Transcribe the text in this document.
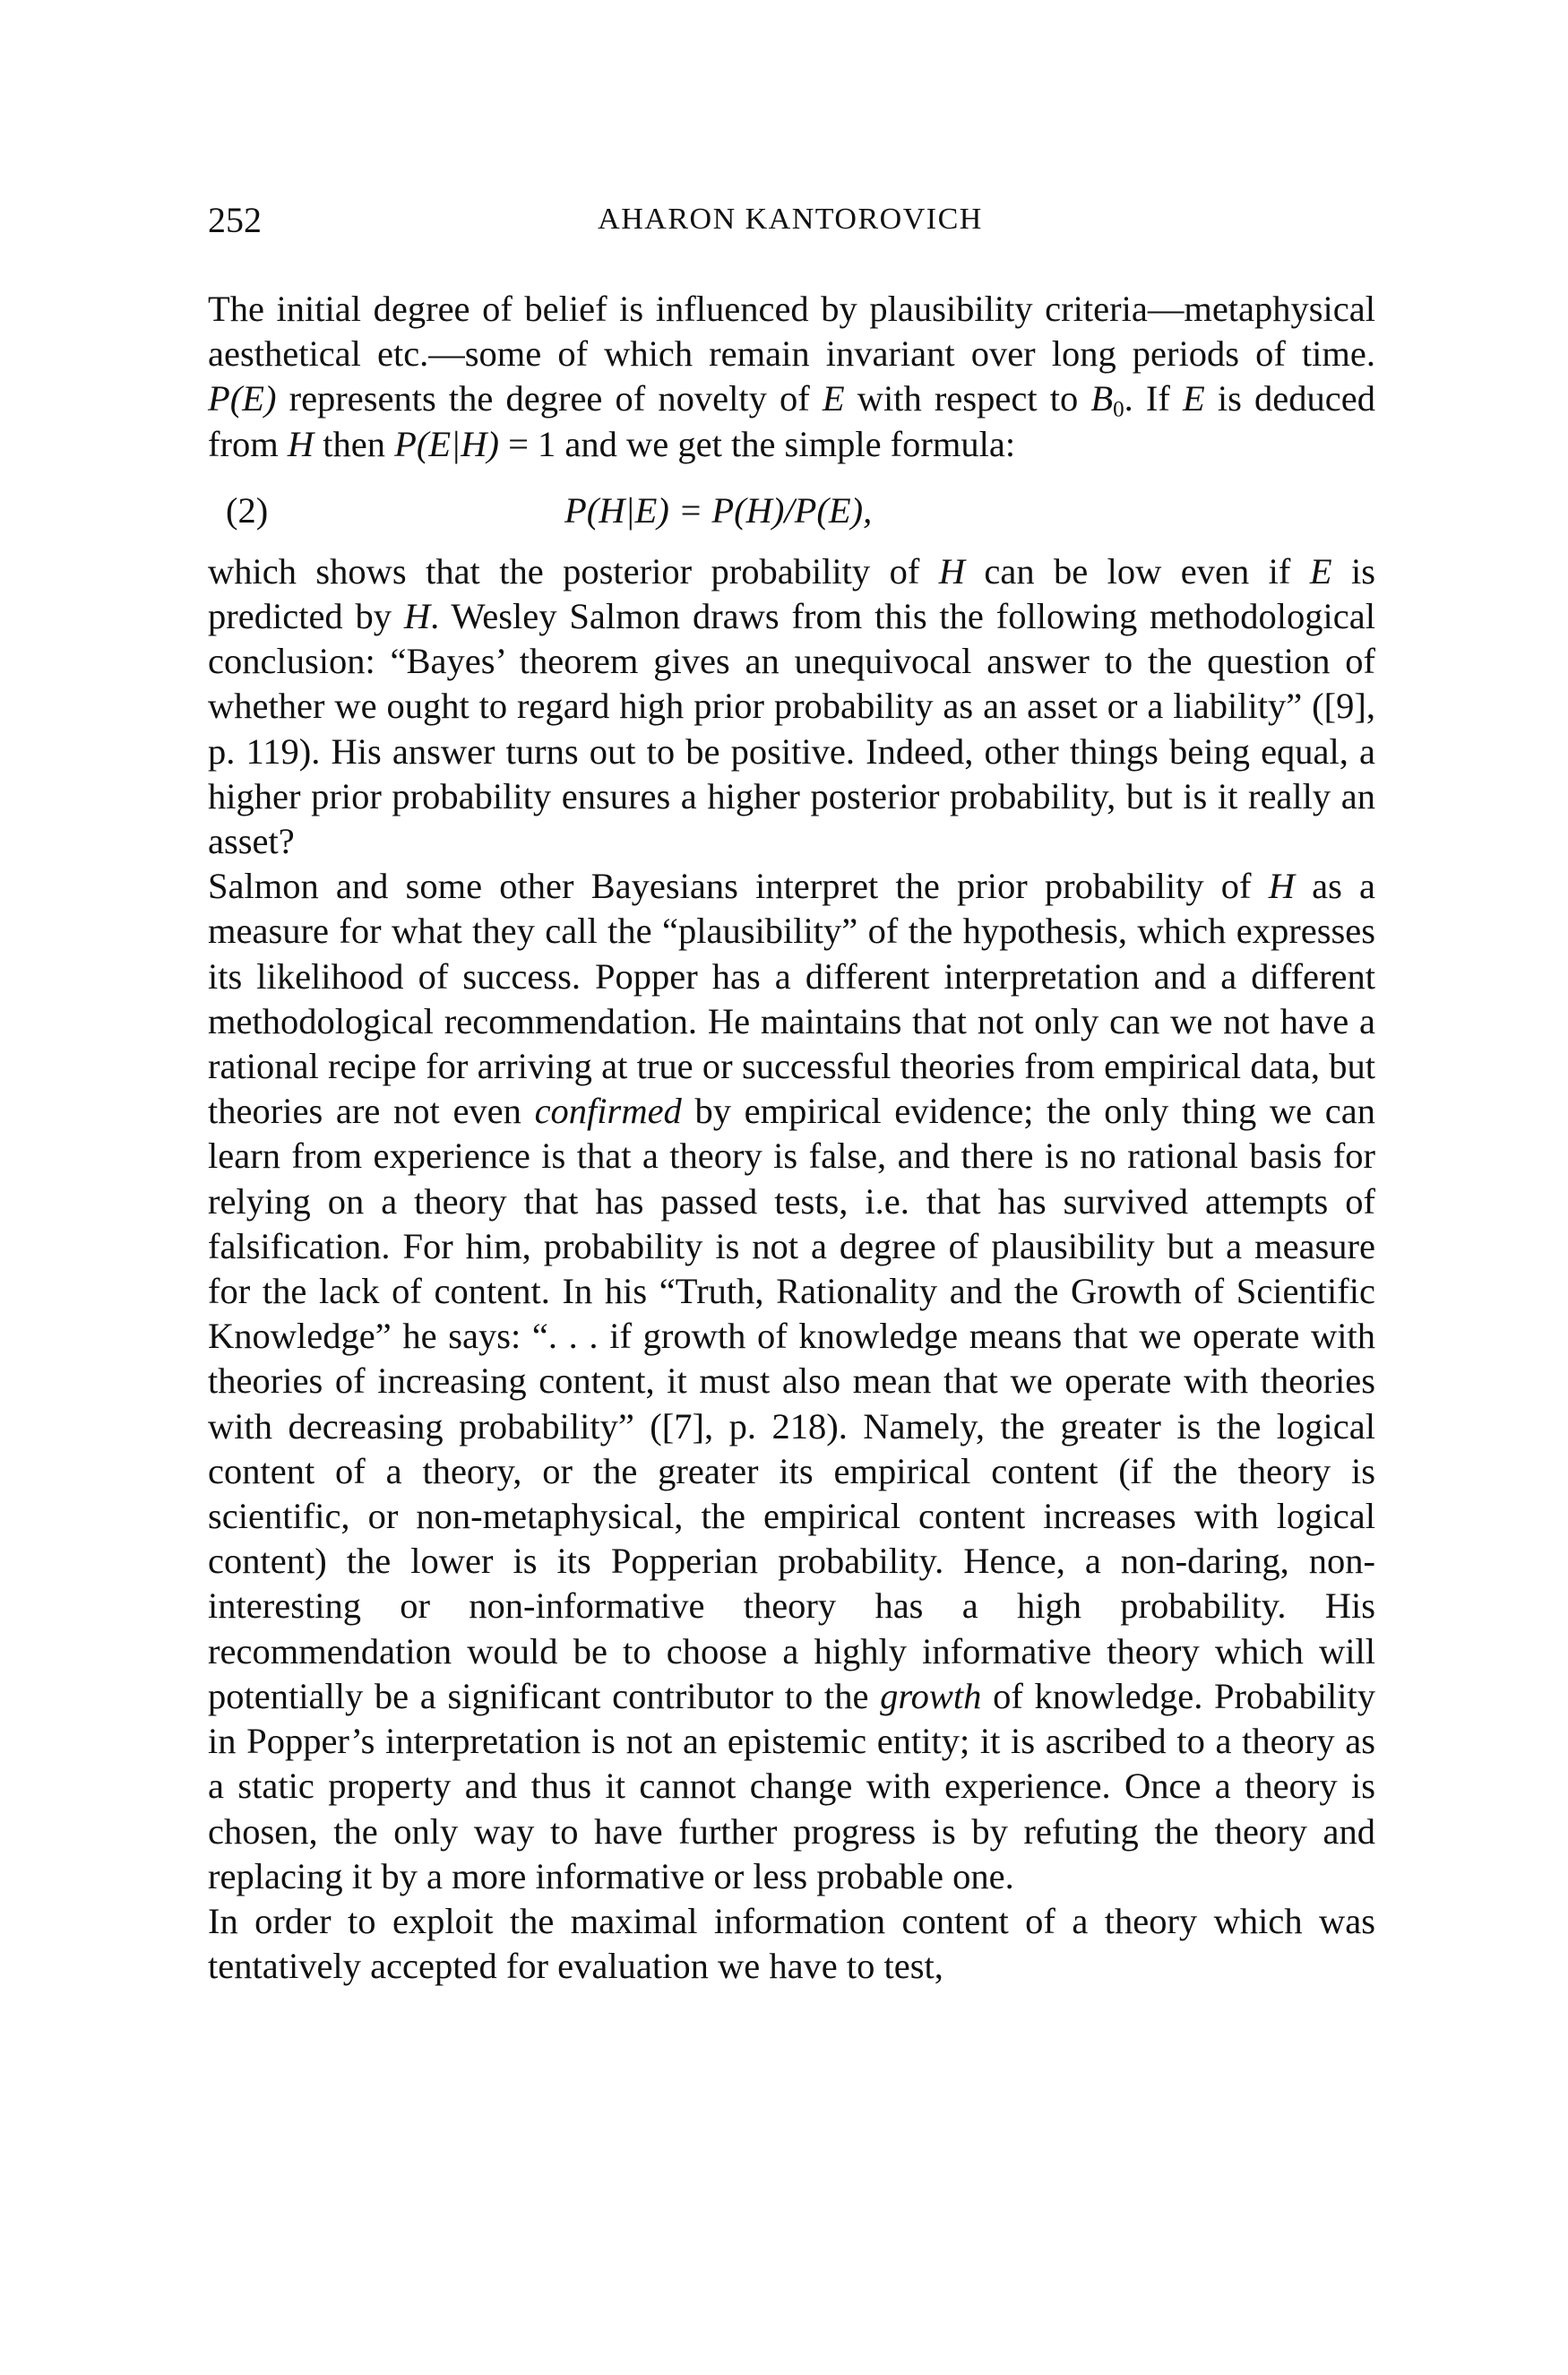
252	AHARON KANTOROVICH

The initial degree of belief is influenced by plausibility criteria—metaphysical aesthetical etc.—some of which remain invariant over long periods of time. P(E) represents the degree of novelty of E with respect to $B_0$. If E is deduced from H then P(E|H) = 1 and we get the simple formula:

(2)	P(H|E) = P(H)/P(E),

which shows that the posterior probability of H can be low even if E is predicted by H. Wesley Salmon draws from this the following methodological conclusion: “Bayes’ theorem gives an unequivocal answer to the question of whether we ought to regard high prior probability as an asset or a liability” ([9], p. 119). His answer turns out to be positive. Indeed, other things being equal, a higher prior probability ensures a higher posterior probability, but is it really an asset?

Salmon and some other Bayesians interpret the prior probability of H as a measure for what they call the “plausibility” of the hypothesis, which expresses its likelihood of success. Popper has a different interpretation and a different methodological recommendation. He maintains that not only can we not have a rational recipe for arriving at true or successful theories from empirical data, but theories are not even confirmed by empirical evidence; the only thing we can learn from experience is that a theory is false, and there is no rational basis for relying on a theory that has passed tests, i.e. that has survived attempts of falsification. For him, probability is not a degree of plausibility but a measure for the lack of content. In his “Truth, Rationality and the Growth of Scientific Knowledge” he says: “. . . if growth of knowledge means that we operate with theories of increasing content, it must also mean that we operate with theories with decreasing probability” ([7], p. 218). Namely, the greater is the logical content of a theory, or the greater its empirical content (if the theory is scientific, or non-metaphysical, the empirical content increases with logical content) the lower is its Popperian probability. Hence, a non-daring, non-interesting or non-informative theory has a high probability. His recommendation would be to choose a highly informative theory which will potentially be a significant contributor to the growth of knowledge. Probability in Popper’s interpretation is not an epistemic entity; it is ascribed to a theory as a static property and thus it cannot change with experience. Once a theory is chosen, the only way to have further progress is by refuting the theory and replacing it by a more informative or less probable one.

In order to exploit the maximal information content of a theory which was tentatively accepted for evaluation we have to test,
